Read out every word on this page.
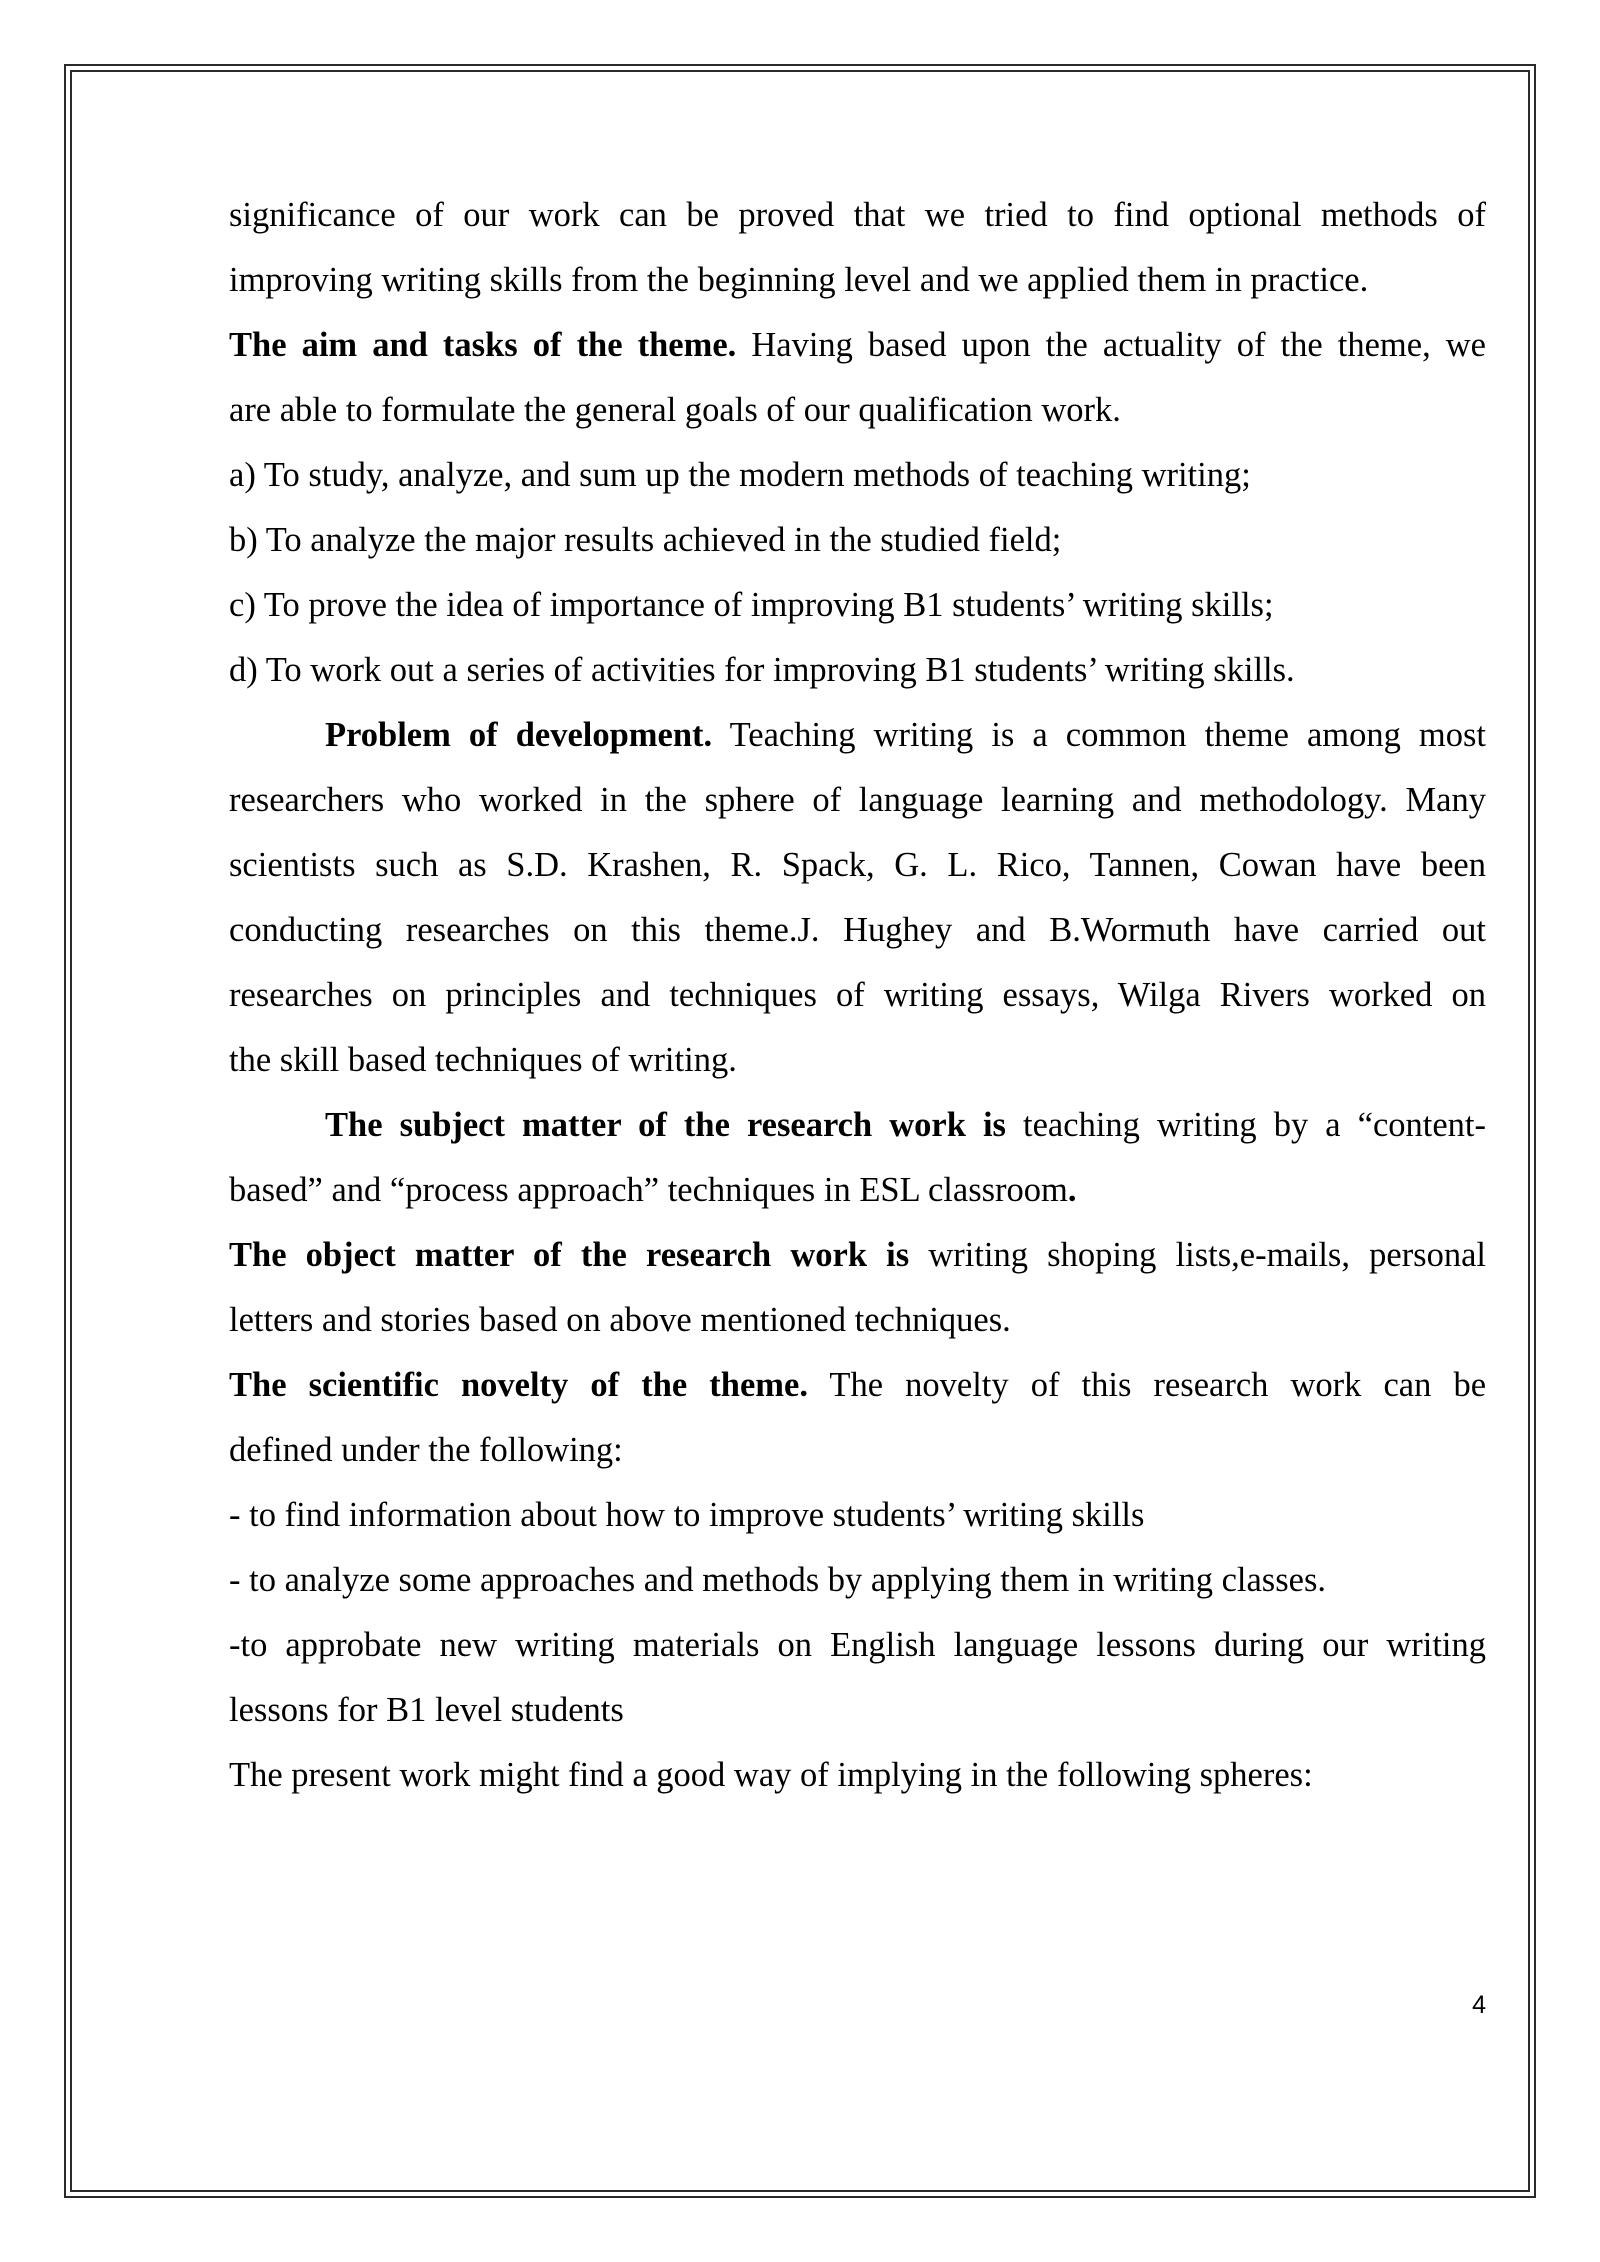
significance of our work can be proved that we tried to find optional methods of
improving writing skills from the beginning level and we applied them in practice.
The aim and tasks of the theme. Having based upon the actuality of the theme, we
are able to formulate the general goals of our qualification work.
a) To study, analyze, and sum up the modern methods of teaching writing;
b) To analyze the major results achieved in the studied field;
c) To prove the idea of importance of improving B1 students’ writing skills;
d) To work out a series of activities for improving B1 students’ writing skills.
Problem of development. Teaching writing is a common theme among most
researchers who worked in the sphere of language learning and methodology. Many
scientists such as S.D. Krashen, R. Spack, G. L. Rico, Tannen, Cowan have been
conducting researches on this theme.J. Hughey and B.Wormuth have carried out
researches on principles and techniques of writing essays, Wilga Rivers worked on
the skill based techniques of writing.
The subject matter of the research work is teaching writing by a “content-
based” and “process approach” techniques in ESL classroom.
The object matter of the research work is writing shoping lists,e-mails, personal
letters and stories based on above mentioned techniques.
The scientific novelty of the theme. The novelty of this research work can be
defined under the following:
- to find information about how to improve students’ writing skills
- to analyze some approaches and methods by applying them in writing classes.
-to approbate new writing materials on English language lessons during our writing
lessons for B1 level students
The present work might find a good way of implying in the following spheres:
4
